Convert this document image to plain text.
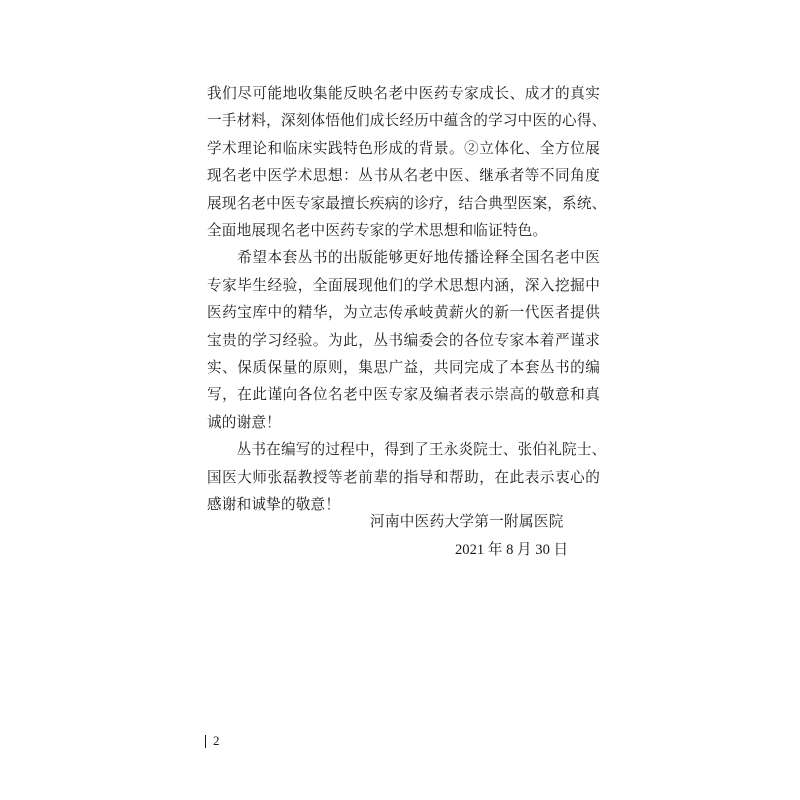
我们尽可能地收集能反映名老中医药专家成长、成才的真实
一手材料，深刻体悟他们成长经历中蕴含的学习中医的心得、
学术理论和临床实践特色形成的背景。②立体化、全方位展
现名老中医学术思想：丛书从名老中医、继承者等不同角度
展现名老中医专家最擅长疾病的诊疗，结合典型医案，系统、
全面地展现名老中医药专家的学术思想和临证特色。
　　希望本套丛书的出版能够更好地传播诠释全国名老中医
专家毕生经验，全面展现他们的学术思想内涵，深入挖掘中
医药宝库中的精华，为立志传承岐黄薪火的新一代医者提供
宝贵的学习经验。为此，丛书编委会的各位专家本着严谨求
实、保质保量的原则，集思广益，共同完成了本套丛书的编
写，在此谨向各位名老中医专家及编者表示崇高的敬意和真
诚的谢意！
　　丛书在编写的过程中，得到了王永炎院士、张伯礼院士、
国医大师张磊教授等老前辈的指导和帮助，在此表示衷心的
感谢和诚挚的敬意！
河南中医药大学第一附属医院
2021 年 8 月 30 日
2
